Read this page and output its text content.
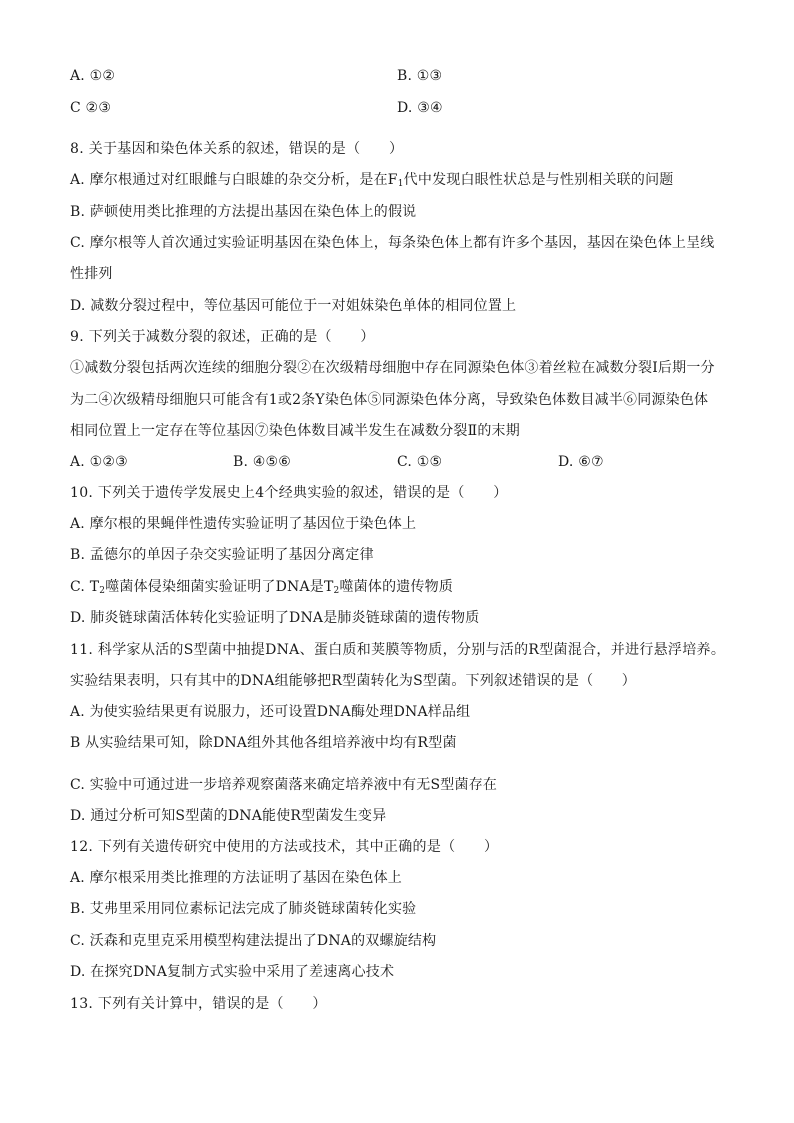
A. ①②	B. ①③
C ②③	D. ③④
8. 关于基因和染色体关系的叙述，错误的是（　　）
A. 摩尔根通过对红眼雌与白眼雄的杂交分析，是在$F_1$代中发现白眼性状总是与性别相关联的问题
B. 萨顿使用类比推理的方法提出基因在染色体上的假说
C. 摩尔根等人首次通过实验证明基因在染色体上，每条染色体上都有许多个基因，基因在染色体上呈线
性排列
D. 减数分裂过程中，等位基因可能位于一对姐妹染色单体的相同位置上
9. 下列关于减数分裂的叙述，正确的是（　　）
①减数分裂包括两次连续的细胞分裂②在次级精母细胞中存在同源染色体③着丝粒在减数分裂Ⅰ后期一分
为二④次级精母细胞只可能含有1或2条Y染色体⑤同源染色体分离，导致染色体数目减半⑥同源染色体
相同位置上一定存在等位基因⑦染色体数目减半发生在减数分裂Ⅱ的末期
A. ①②③	B. ④⑤⑥	C. ①⑤	D. ⑥⑦
10. 下列关于遗传学发展史上4个经典实验的叙述，错误的是（　　）
A. 摩尔根的果蝇伴性遗传实验证明了基因位于染色体上
B. 孟德尔的单因子杂交实验证明了基因分离定律
C. $T_2$噬菌体侵染细菌实验证明了DNA是$T_2$噬菌体的遗传物质
D. 肺炎链球菌活体转化实验证明了DNA是肺炎链球菌的遗传物质
11. 科学家从活的S型菌中抽提DNA、蛋白质和荚膜等物质，分别与活的R型菌混合，并进行悬浮培养。
实验结果表明，只有其中的DNA组能够把R型菌转化为S型菌。下列叙述错误的是（　　）
A. 为使实验结果更有说服力，还可设置DNA酶处理DNA样品组
B 从实验结果可知，除DNA组外其他各组培养液中均有R型菌
C. 实验中可通过进一步培养观察菌落来确定培养液中有无S型菌存在
D. 通过分析可知S型菌的DNA能使R型菌发生变异
12. 下列有关遗传研究中使用的方法或技术，其中正确的是（　　）
A. 摩尔根采用类比推理的方法证明了基因在染色体上
B. 艾弗里采用同位素标记法完成了肺炎链球菌转化实验
C. 沃森和克里克采用模型构建法提出了DNA的双螺旋结构
D. 在探究DNA复制方式实验中采用了差速离心技术
13. 下列有关计算中，错误的是（　　）
